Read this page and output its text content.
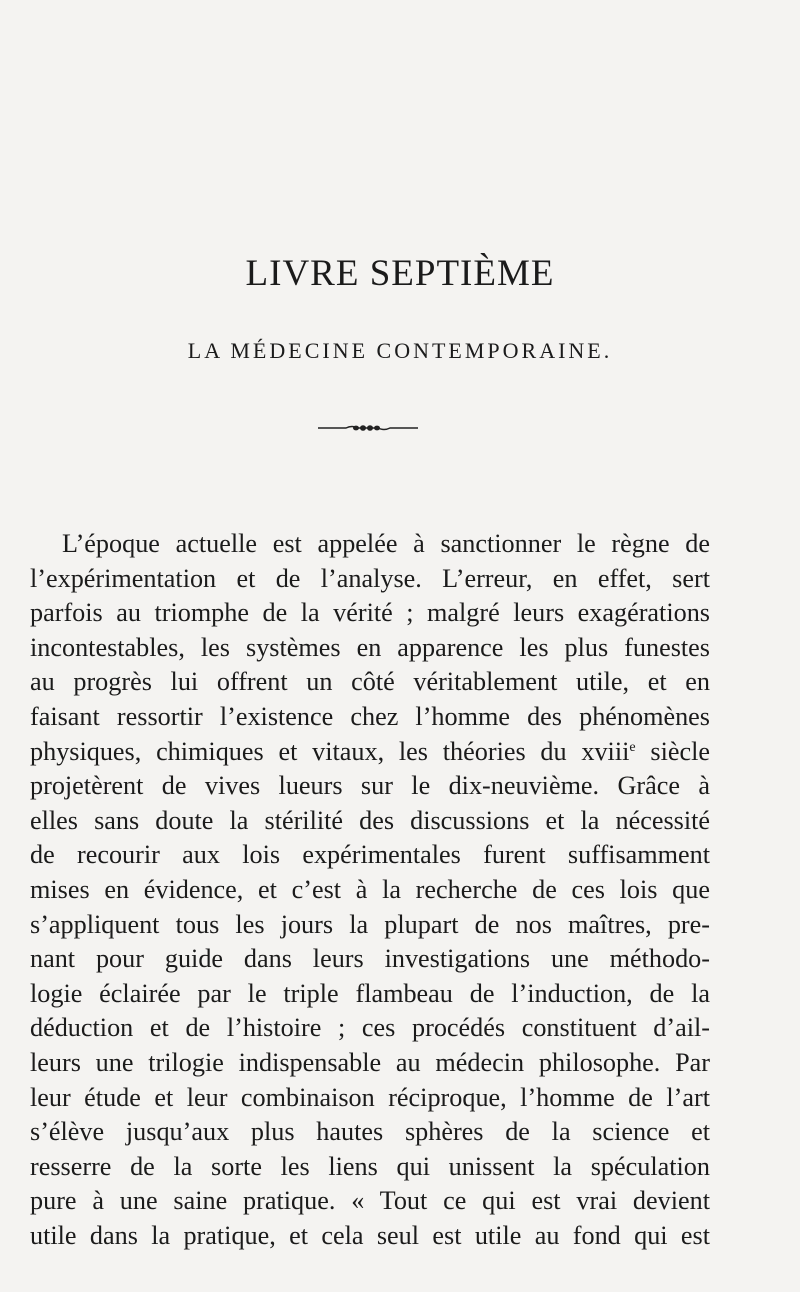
LIVRE SEPTIÈME
LA MÉDECINE CONTEMPORAINE.

L’époque actuelle est appelée à sanctionner le règne de
l’expérimentation et de l’analyse. L’erreur, en effet, sert
parfois au triomphe de la vérité ; malgré leurs exagérations
incontestables, les systèmes en apparence les plus funestes
au progrès lui offrent un côté véritablement utile, et en
faisant ressortir l’existence chez l’homme des phénomènes
physiques, chimiques et vitaux, les théories du xviii$^e$ siècle
projetèrent de vives lueurs sur le dix-neuvième. Grâce à
elles sans doute la stérilité des discussions et la nécessité
de recourir aux lois expérimentales furent suffisamment
mises en évidence, et c’est à la recherche de ces lois que
s’appliquent tous les jours la plupart de nos maîtres, pre-
nant pour guide dans leurs investigations une méthodo-
logie éclairée par le triple flambeau de l’induction, de la
déduction et de l’histoire ; ces procédés constituent d’ail-
leurs une trilogie indispensable au médecin philosophe. Par
leur étude et leur combinaison réciproque, l’homme de l’art
s’élève jusqu’aux plus hautes sphères de la science et
resserre de la sorte les liens qui unissent la spéculation
pure à une saine pratique. « Tout ce qui est vrai devient
utile dans la pratique, et cela seul est utile au fond qui est
